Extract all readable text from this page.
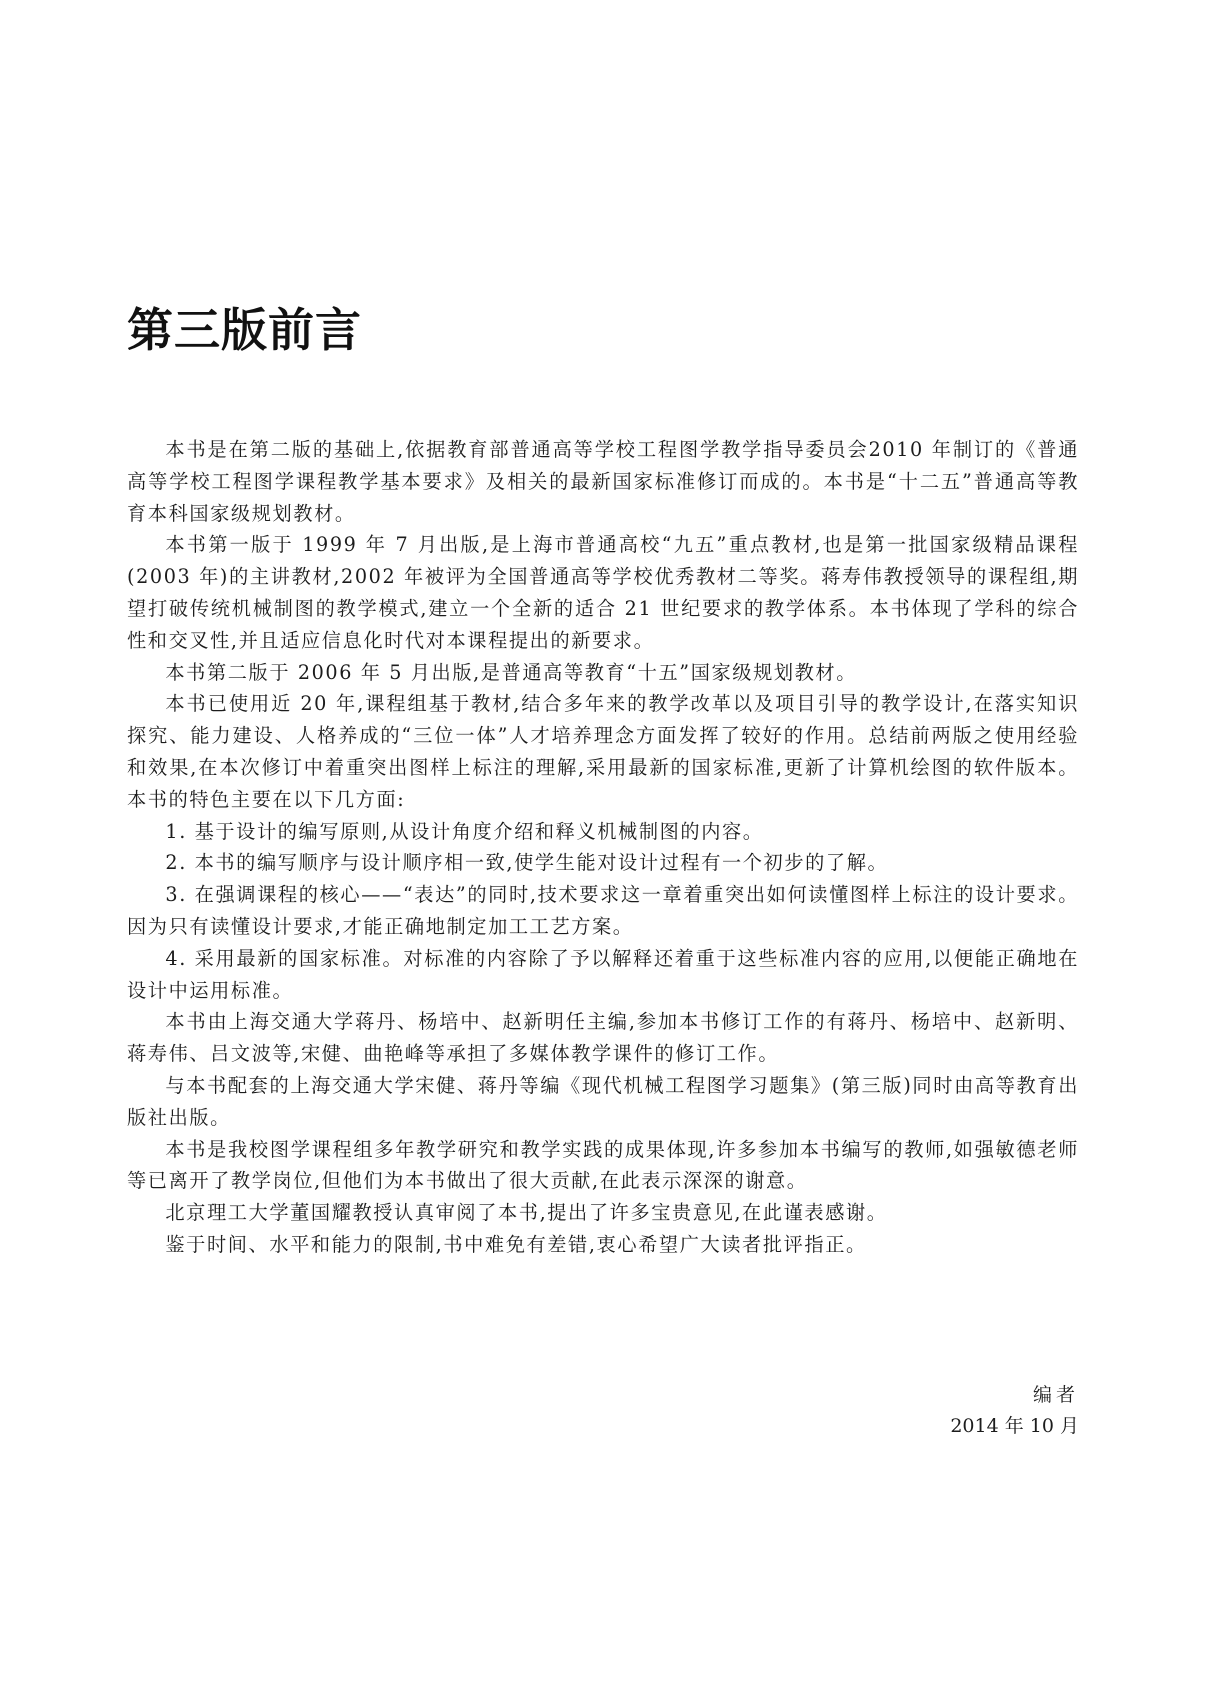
第三版前言

本书是在第二版的基础上,依据教育部普通高等学校工程图学教学指导委员会2010 年制订的《普通高等学校工程图学课程教学基本要求》及相关的最新国家标准修订而成的。本书是“十二五”普通高等教育本科国家级规划教材。

本书第一版于 1999 年 7 月出版,是上海市普通高校“九五”重点教材,也是第一批国家级精品课程(2003 年)的主讲教材,2002 年被评为全国普通高等学校优秀教材二等奖。蒋寿伟教授领导的课程组,期望打破传统机械制图的教学模式,建立一个全新的适合 21 世纪要求的教学体系。本书体现了学科的综合性和交叉性,并且适应信息化时代对本课程提出的新要求。

本书第二版于 2006 年 5 月出版,是普通高等教育“十五”国家级规划教材。

本书已使用近 20 年,课程组基于教材,结合多年来的教学改革以及项目引导的教学设计,在落实知识探究、能力建设、人格养成的“三位一体”人才培养理念方面发挥了较好的作用。总结前两版之使用经验和效果,在本次修订中着重突出图样上标注的理解,采用最新的国家标准,更新了计算机绘图的软件版本。本书的特色主要在以下几方面:

1. 基于设计的编写原则,从设计角度介绍和释义机械制图的内容。

2. 本书的编写顺序与设计顺序相一致,使学生能对设计过程有一个初步的了解。

3. 在强调课程的核心——“表达”的同时,技术要求这一章着重突出如何读懂图样上标注的设计要求。因为只有读懂设计要求,才能正确地制定加工工艺方案。

4. 采用最新的国家标准。对标准的内容除了予以解释还着重于这些标准内容的应用,以便能正确地在设计中运用标准。

本书由上海交通大学蒋丹、杨培中、赵新明任主编,参加本书修订工作的有蒋丹、杨培中、赵新明、蒋寿伟、吕文波等,宋健、曲艳峰等承担了多媒体教学课件的修订工作。

与本书配套的上海交通大学宋健、蒋丹等编《现代机械工程图学习题集》(第三版)同时由高等教育出版社出版。

本书是我校图学课程组多年教学研究和教学实践的成果体现,许多参加本书编写的教师,如强敏德老师等已离开了教学岗位,但他们为本书做出了很大贡献,在此表示深深的谢意。

北京理工大学董国耀教授认真审阅了本书,提出了许多宝贵意见,在此谨表感谢。

鉴于时间、水平和能力的限制,书中难免有差错,衷心希望广大读者批评指正。

编者
2014 年 10 月
